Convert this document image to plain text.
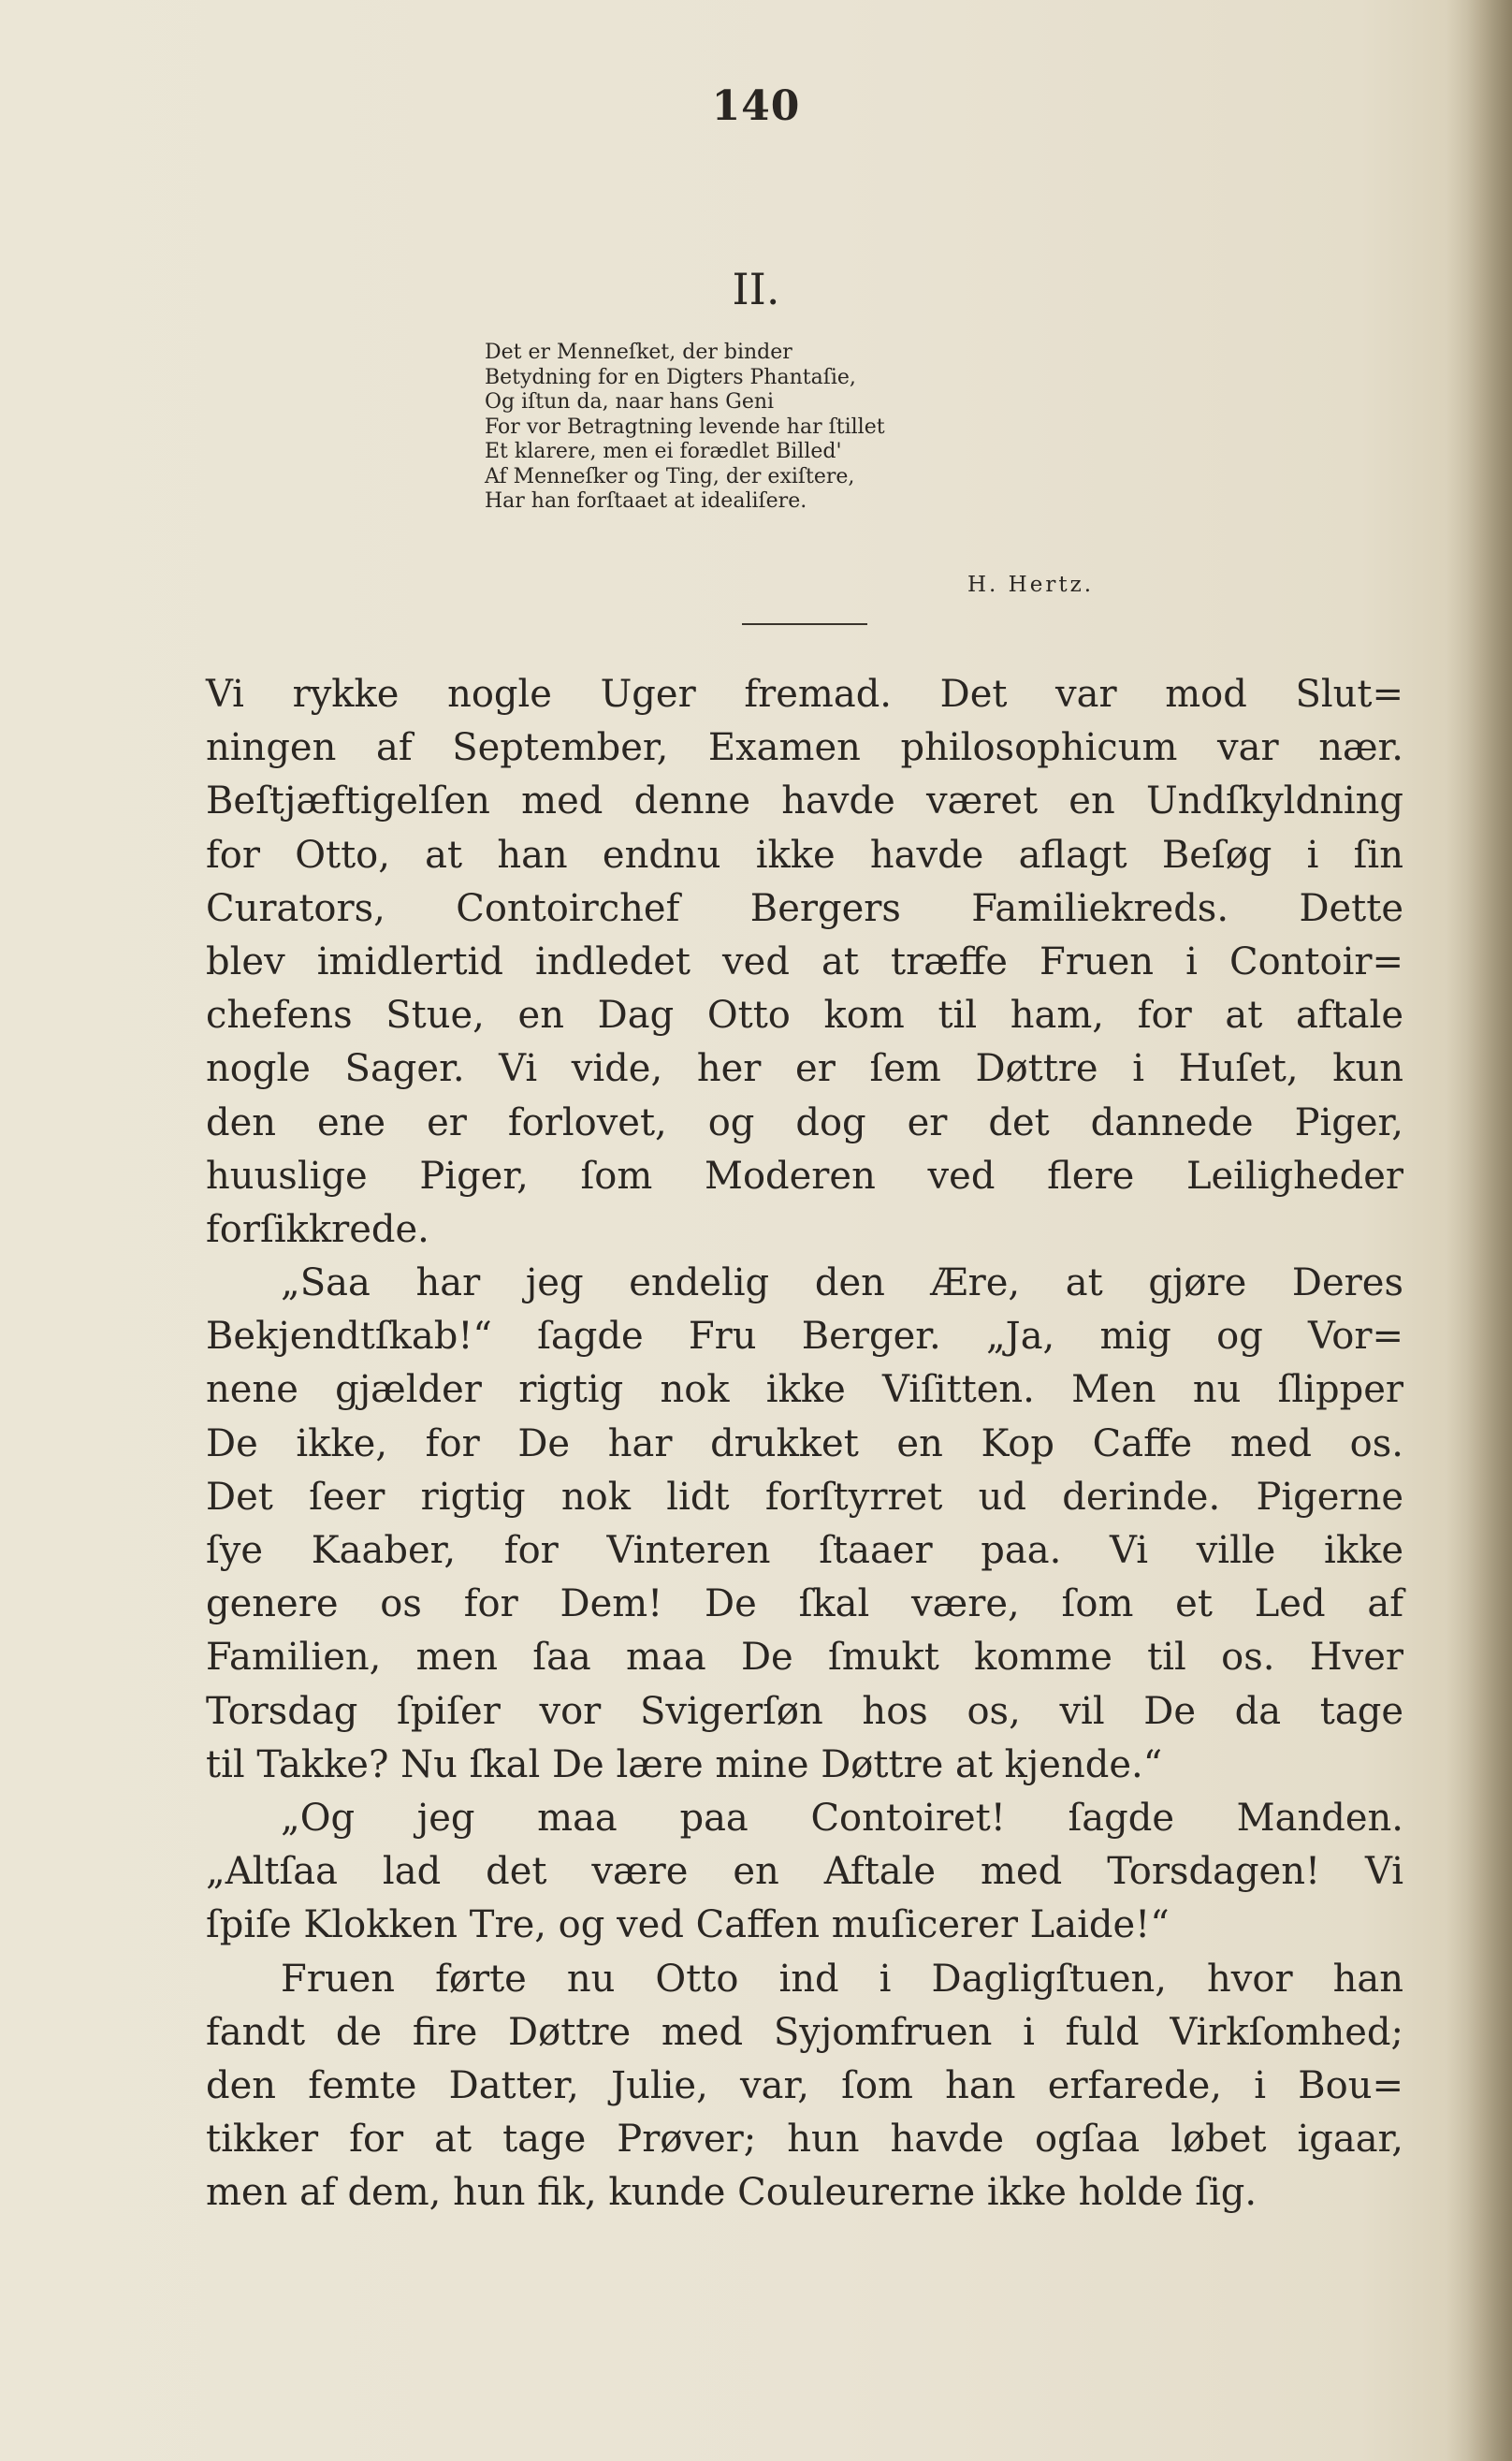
140
II.
Det er Menneſket, der binder
Betydning for en Digters Phantaſie,
Og iſtun da, naar hans Geni
For vor Betragtning levende har ſtillet
Et klarere, men ei forædlet Billed'
Af Menneſker og Ting, der exiſtere,
Har han forſtaaet at idealiſere.
H. Hertz.
Vi rykke nogle Uger fremad. Det var mod Slut=
ningen af September, Examen philosophicum var nær.
Beſtjæftigelſen med denne havde været en Undſkyldning
for Otto, at han endnu ikke havde aflagt Beſøg i ſin
Curators, Contoirchef Bergers Familiekreds. Dette
blev imidlertid indledet ved at træffe Fruen i Contoir=
chefens Stue, en Dag Otto kom til ham, for at aftale
nogle Sager. Vi vide, her er ſem Døttre i Huſet, kun
den ene er forlovet, og dog er det dannede Piger,
huuslige Piger, ſom Moderen ved flere Leiligheder
forſikkrede.
„Saa har jeg endelig den Ære, at gjøre Deres
Bekjendtſkab!“ ſagde Fru Berger. „Ja, mig og Vor=
nene gjælder rigtig nok ikke Viſitten. Men nu ſlipper
De ikke, for De har drukket en Kop Caffe med os.
Det ſeer rigtig nok lidt forſtyrret ud derinde. Pigerne
ſye Kaaber, for Vinteren ſtaaer paa. Vi ville ikke
genere os for Dem! De ſkal være, ſom et Led af
Familien, men ſaa maa De ſmukt komme til os. Hver
Torsdag ſpiſer vor Svigerſøn hos os, vil De da tage
til Takke? Nu ſkal De lære mine Døttre at kjende.“
„Og jeg maa paa Contoiret! ſagde Manden.
„Altſaa lad det være en Aftale med Torsdagen! Vi
ſpiſe Klokken Tre, og ved Caffen muſicerer Laide!“
Fruen førte nu Otto ind i Dagligſtuen, hvor han
fandt de fire Døttre med Syjomfruen i fuld Virkſomhed;
den femte Datter, Julie, var, ſom han erfarede, i Bou=
tikker for at tage Prøver; hun havde ogſaa løbet igaar,
men af dem, hun fik, kunde Couleurerne ikke holde ſig.
